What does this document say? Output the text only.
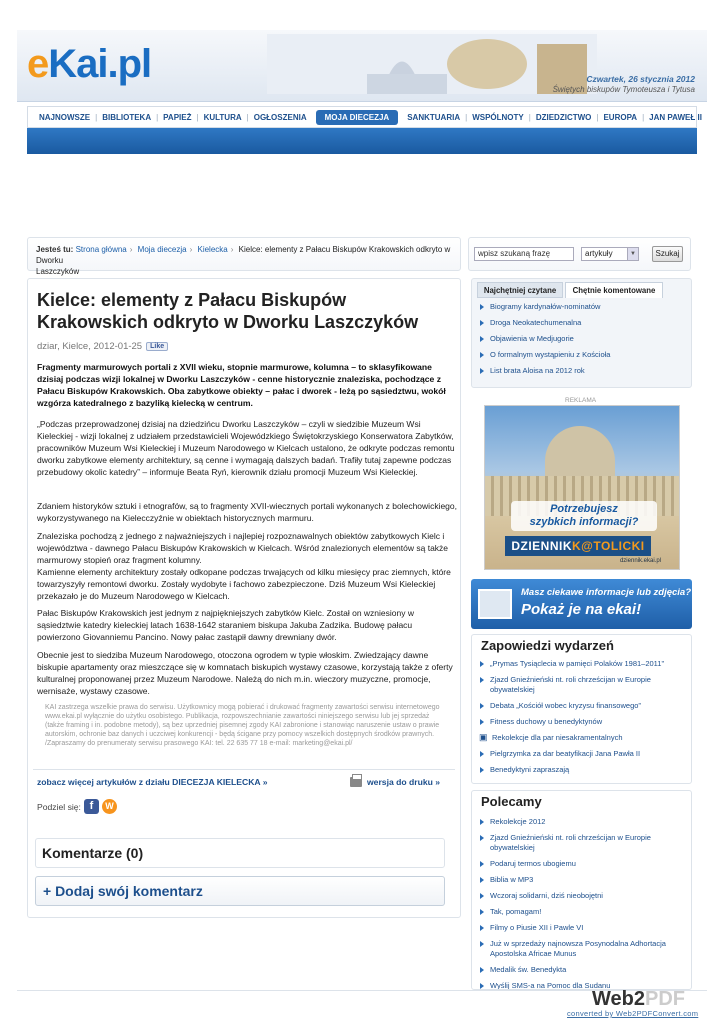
eKai.pl	Czwartek, 26 stycznia 2012
Świętych biskupów Tymoteusza i Tytusa
NAJNOWSZE | BIBLIOTEKA | PAPIEŻ | KULTURA | OGŁOSZENIA	MOJA DIECEZJA	SANKTUARIA | WSPÓLNOTY | DZIEDZICTWO | EUROPA | JAN PAWEŁ II
Jesteś tu: Strona główna › Moja diecezja › Kielecka › Kielce: elementy z Pałacu Biskupów Krakowskich odkryto w Dworku
Laszczyków
wpisz szukaną frazę	artykuły	▼	Szukaj
Kielce: elementy z Pałacu Biskupów Krakowskich odkryto w Dworku Laszczyków
dziar, Kielce, 2012-01-25	Like

Fragmenty marmurowych portali z XVII wieku, stopnie marmurowe, kolumna – to sklasyfikowane dzisiaj podczas wizji lokalnej w Dworku Laszczyków - cenne historycznie znaleziska, pochodzące z Pałacu Biskupów Krakowskich. Oba zabytkowe obiekty – pałac i dworek - leżą po sąsiedztwu, wokół wzgórza katedralnego z bazyliką kielecką w centrum.

„Podczas przeprowadzonej dzisiaj na dziedzińcu Dworku Laszczyków – czyli w siedzibie Muzeum Wsi Kieleckiej - wizji lokalnej z udziałem przedstawicieli Wojewódzkiego Świętokrzyskiego Konserwatora Zabytków, pracowników Muzeum Wsi Kieleckiej i Muzeum Narodowego w Kielcach ustalono, że odkryte podczas remontu dworku zabytkowe elementy architektury, są cenne i wymagają dalszych badań. Trafiły tutaj zapewne podczas przebudowy okolic katedry” – informuje Beata Ryń, kierownik działu promocji Muzeum Wsi Kieleckiej.

Zdaniem historyków sztuki i etnografów, są to fragmenty XVII-wiecznych portali wykonanych z bolechowickiego, wykorzystywanego na Kielecczyźnie w obiektach historycznych marmuru.

Znaleziska pochodzą z jednego z najważniejszych i najlepiej rozpoznawalnych obiektów zabytkowych Kielc i województwa - dawnego Pałacu Biskupów Krakowskich w Kielcach. Wśród znalezionych elementów są także marmurowy stopień oraz fragment kolumny.

Kamienne elementy architektury zostały odkopane podczas trwających od kilku miesięcy prac ziemnych, które towarzyszyły remontowi dworku. Zostały wydobyte i fachowo zabezpieczone. Dziś Muzeum Wsi Kieleckiej przekazało je do Muzeum Narodowego w Kielcach.

Pałac Biskupów Krakowskich jest jednym z najpiękniejszych zabytków Kielc. Został on wzniesiony w sąsiedztwie katedry kieleckiej latach 1638-1642 staraniem biskupa Jakuba Zadzika. Budowę pałacu powierzono Giovanniemu Pancino. Nowy pałac zastąpił dawny drewniany dwór.

Obecnie jest to siedziba Muzeum Narodowego, otoczona ogrodem w typie włoskim. Zwiedzający dawne biskupie apartamenty oraz mieszczące się w komnatach biskupich wystawy czasowe, korzystają także z oferty kulturalnej proponowanej przez Muzeum Narodowe. Należą do nich m.in. wieczory muzyczne, promocje, wernisaże, wystawy czasowe.

KAI zastrzega wszelkie prawa do serwisu. Użytkownicy mogą pobierać i drukować fragmenty zawartości serwisu internetowego www.ekai.pl wyłącznie do użytku osobistego. Publikacja, rozpowszechnianie zawartości niniejszego serwisu lub jej sprzedaż (także framing i in. podobne metody), są bez uprzedniej pisemnej zgody KAI zabronione i stanowiąc naruszenie ustaw o prawie autorskim, ochronie baz danych i uczciwej konkurencji - będą ścigane przy pomocy wszelkich dostępnych środków prawnych. /Zapraszamy do prenumeraty serwisu prasowego KAI: tel. 22 635 77 18 e-mail: marketing@ekai.pl/

zobacz więcej artykułów z działu DIECEZJA KIELECKA »	wersja do druku »
Podziel się: f	W
Komentarze (0)
+ Dodaj swój komentarz
Najchętniej czytane	Chętnie komentowane
Biogramy kardynałów-nominatów
Droga Neokatechumenalna
Objawienia w Medjugorie
O formalnym wystąpieniu z Kościoła
List brata Aloisa na 2012 rok
REKLAMA
Potrzebujesz
szybkich informacji?
DZIENNIKK@TOLICKI
dziennik.ekai.pl
Masz ciekawe informacje lub zdjęcia?
Pokaż je na ekai!
Zapowiedzi wydarzeń
„Prymas Tysiąclecia w pamięci Polaków 1981–2011”
Zjazd Gnieźnieński nt. roli chrześcijan w Europie obywatelskiej
Debata „Kościół wobec kryzysu finansowego”
Fitness duchowy u benedyktynów
▣ Rekolekcje dla par niesakramentalnych
Pielgrzymka za dar beatyfikacji Jana Pawła II
Benedyktyni zapraszają
Polecamy
Rekolekcje 2012
Zjazd Gnieźnieński nt. roli chrześcijan w Europie obywatelskiej
Podaruj termos ubogiemu
Biblia w MP3
Wczoraj solidarni, dziś nieobojętni
Tak, pomagam!
Filmy o Piusie XII i Pawle VI
Już w sprzedaży najnowsza Posynodalna Adhortacja Apostolska Africae Munus
Medalik św. Benedykta
Wyślij SMS-a na Pomoc dla Sudanu
Web2PDF
converted by Web2PDFConvert.com
